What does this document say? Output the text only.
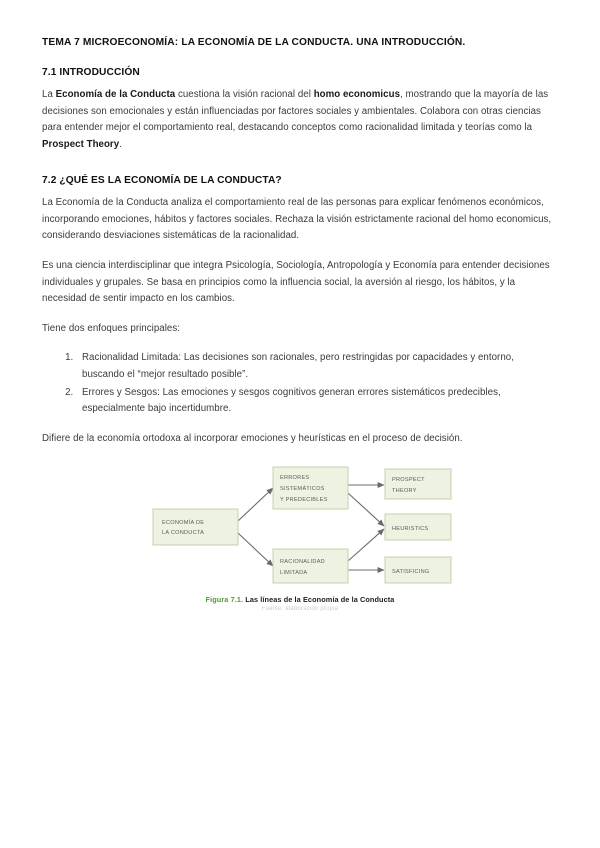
TEMA 7 MICROECONOMÍA: LA ECONOMÍA DE LA CONDUCTA. UNA INTRODUCCIÓN.
7.1 INTRODUCCIÓN

La Economía de la Conducta cuestiona la visión racional del homo economicus, mostrando que la mayoría de las decisiones son emocionales y están influenciadas por factores sociales y ambientales. Colabora con otras ciencias para entender mejor el comportamiento real, destacando conceptos como racionalidad limitada y teorías como la Prospect Theory.

7.2 ¿QUÉ ES LA ECONOMÍA DE LA CONDUCTA?

La Economía de la Conducta analiza el comportamiento real de las personas para explicar fenómenos económicos, incorporando emociones, hábitos y factores sociales. Rechaza la visión estrictamente racional del homo economicus, considerando desviaciones sistemáticas de la racionalidad.

Es una ciencia interdisciplinar que integra Psicología, Sociología, Antropología y Economía para entender decisiones individuales y grupales. Se basa en principios como la influencia social, la aversión al riesgo, los hábitos, y la necesidad de sentir impacto en los cambios.

Tiene dos enfoques principales:

1. Racionalidad Limitada: Las decisiones son racionales, pero restringidas por capacidades y entorno, buscando el “mejor resultado posible”.
2. Errores y Sesgos: Las emociones y sesgos cognitivos generan errores sistemáticos predecibles, especialmente bajo incertidumbre.

Difiere de la economía ortodoxa al incorporar emociones y heurísticas en el proceso de decisión.

ECONOMÍA DE
LA CONDUCTA
ERRORES
SISTEMÁTICOS
Y PREDECIBLES
RACIONALIDAD
LIMITADA
PROSPECT
THEORY
HEURISTICS
SATISFICING
Figura 7.1. Las líneas de la Economía de la Conducta
Fuente: elaboración propia
